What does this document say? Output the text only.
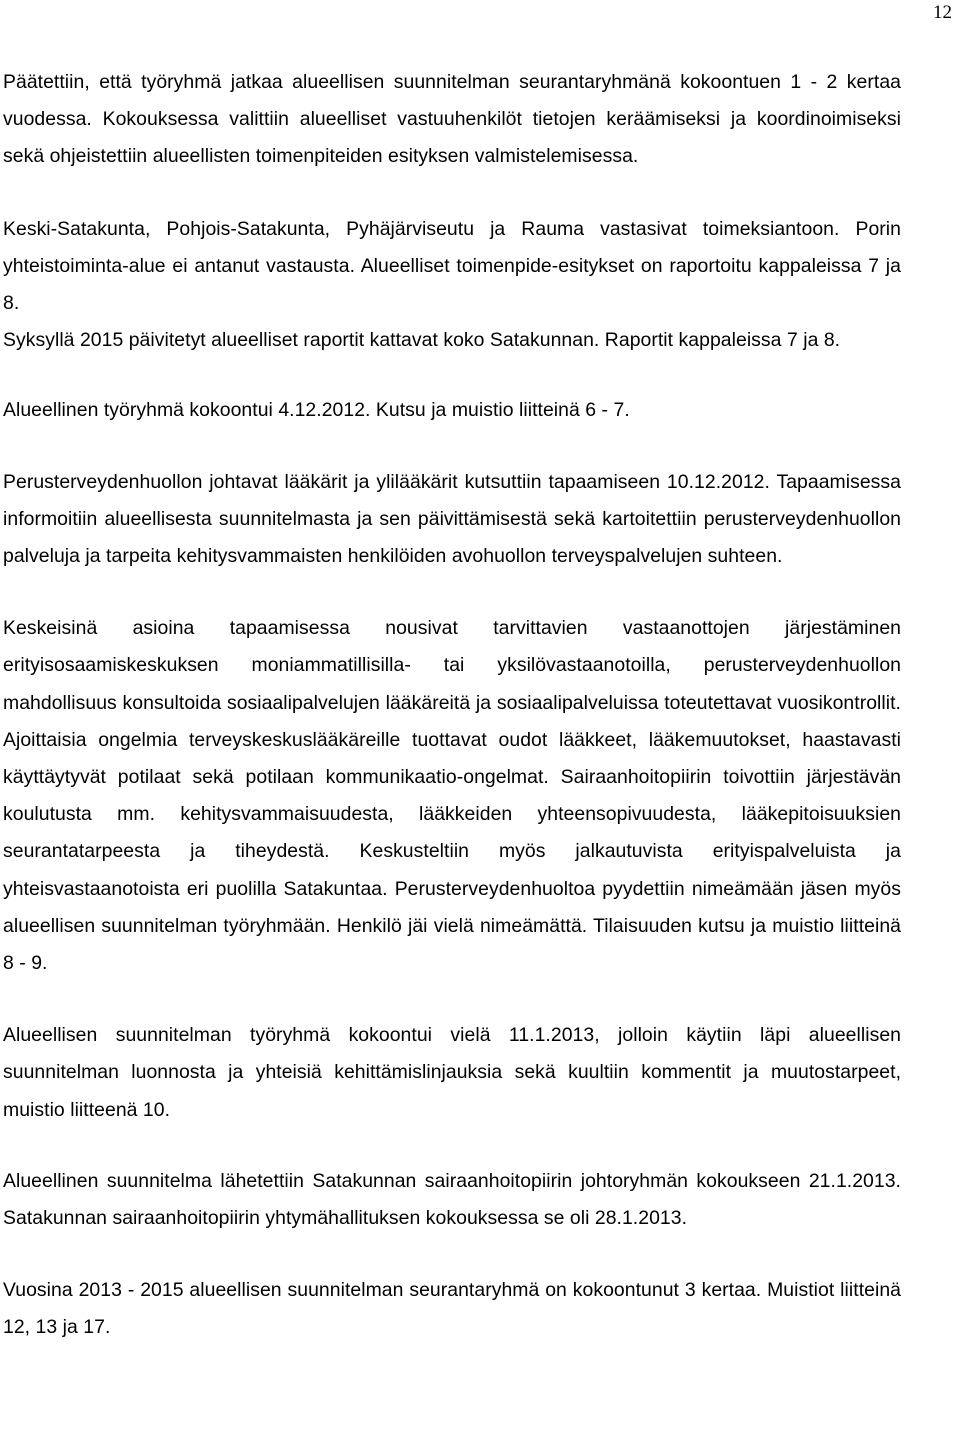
12

Päätettiin, että työryhmä jatkaa alueellisen suunnitelman seurantaryhmänä kokoontuen 1 - 2 kertaa vuodessa. Kokouksessa valittiin alueelliset vastuuhenkilöt tietojen keräämiseksi ja koordinoimiseksi sekä ohjeistettiin alueellisten toimenpiteiden esityksen valmistelemisessa.

Keski-Satakunta, Pohjois-Satakunta, Pyhäjärviseutu ja Rauma vastasivat toimeksiantoon. Porin yhteistoiminta-alue ei antanut vastausta. Alueelliset toimenpide-esitykset on raportoitu kappaleissa 7 ja 8.

Syksyllä 2015 päivitetyt alueelliset raportit kattavat koko Satakunnan. Raportit kappaleissa 7 ja 8.

Alueellinen työryhmä kokoontui 4.12.2012. Kutsu ja muistio liitteinä 6 - 7.

Perusterveydenhuollon johtavat lääkärit ja ylilääkärit kutsuttiin tapaamiseen 10.12.2012. Tapaamisessa informoitiin alueellisesta suunnitelmasta ja sen päivittämisestä sekä kartoitettiin perusterveydenhuollon palveluja ja tarpeita kehitysvammaisten henkilöiden avohuollon terveyspalvelujen suhteen.

Keskeisinä asioina tapaamisessa nousivat tarvittavien vastaanottojen järjestäminen erityisosaamiskeskuksen moniammatillisilla- tai yksilövastaanotoilla, perusterveydenhuollon mahdollisuus konsultoida sosiaalipalvelujen lääkäreitä ja sosiaalipalveluissa toteutettavat vuosikontrollit. Ajoittaisia ongelmia terveyskeskuslääkäreille tuottavat oudot lääkkeet, lääkemuutokset, haastavasti käyttäytyvät potilaat sekä potilaan kommunikaatio-ongelmat. Sairaanhoitopiirin toivottiin järjestävän koulutusta mm. kehitysvammaisuudesta, lääkkeiden yhteensopivuudesta, lääkepitoisuuksien seurantatarpeesta ja tiheydestä. Keskusteltiin myös jalkautuvista erityispalveluista ja yhteisvastaanotoista eri puolilla Satakuntaa. Perusterveydenhuoltoa pyydettiin nimeämään jäsen myös alueellisen suunnitelman työryhmään. Henkilö jäi vielä nimeämättä. Tilaisuuden kutsu ja muistio liitteinä 8 - 9.

Alueellisen suunnitelman työryhmä kokoontui vielä 11.1.2013, jolloin käytiin läpi alueellisen suunnitelman luonnosta ja yhteisiä kehittämislinjauksia sekä kuultiin kommentit ja muutostarpeet, muistio liitteenä 10.

Alueellinen suunnitelma lähetettiin Satakunnan sairaanhoitopiirin johtoryhmän kokoukseen 21.1.2013. Satakunnan sairaanhoitopiirin yhtymähallituksen kokouksessa se oli 28.1.2013.

Vuosina 2013 - 2015 alueellisen suunnitelman seurantaryhmä on kokoontunut 3 kertaa. Muistiot liitteinä 12, 13 ja 17.
